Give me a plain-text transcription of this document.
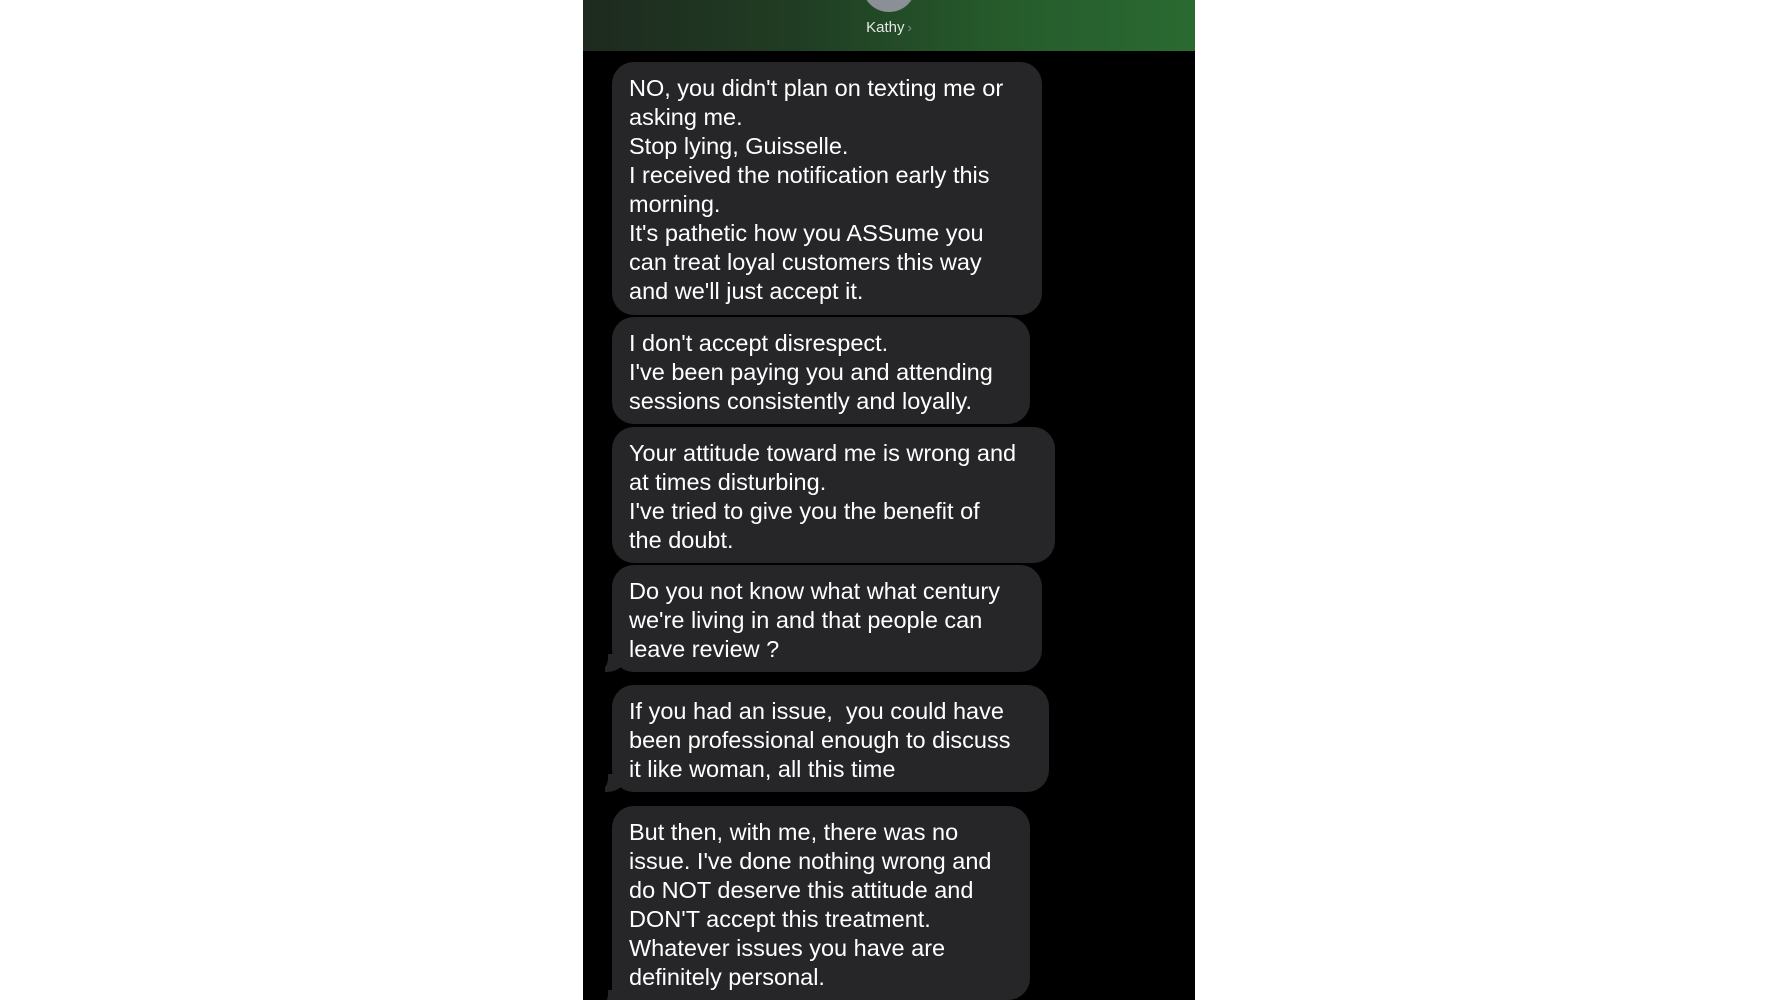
Kathy ›
NO, you didn't plan on texting me or
asking me.
Stop lying, Guisselle.
I received the notification early this
morning.
It's pathetic how you ASSume you
can treat loyal customers this way
and we'll just accept it.
I don't accept disrespect.
I've been paying you and attending
sessions consistently and loyally.
Your attitude toward me is wrong and
at times disturbing.
I've tried to give you the benefit of
the doubt.
Do you not know what what century
we're living in and that people can
leave review ?
If you had an issue,  you could have
been professional enough to discuss
it like woman, all this time
But then, with me, there was no
issue. I've done nothing wrong and
do NOT deserve this attitude and
DON'T accept this treatment.
Whatever issues you have are
definitely personal.
